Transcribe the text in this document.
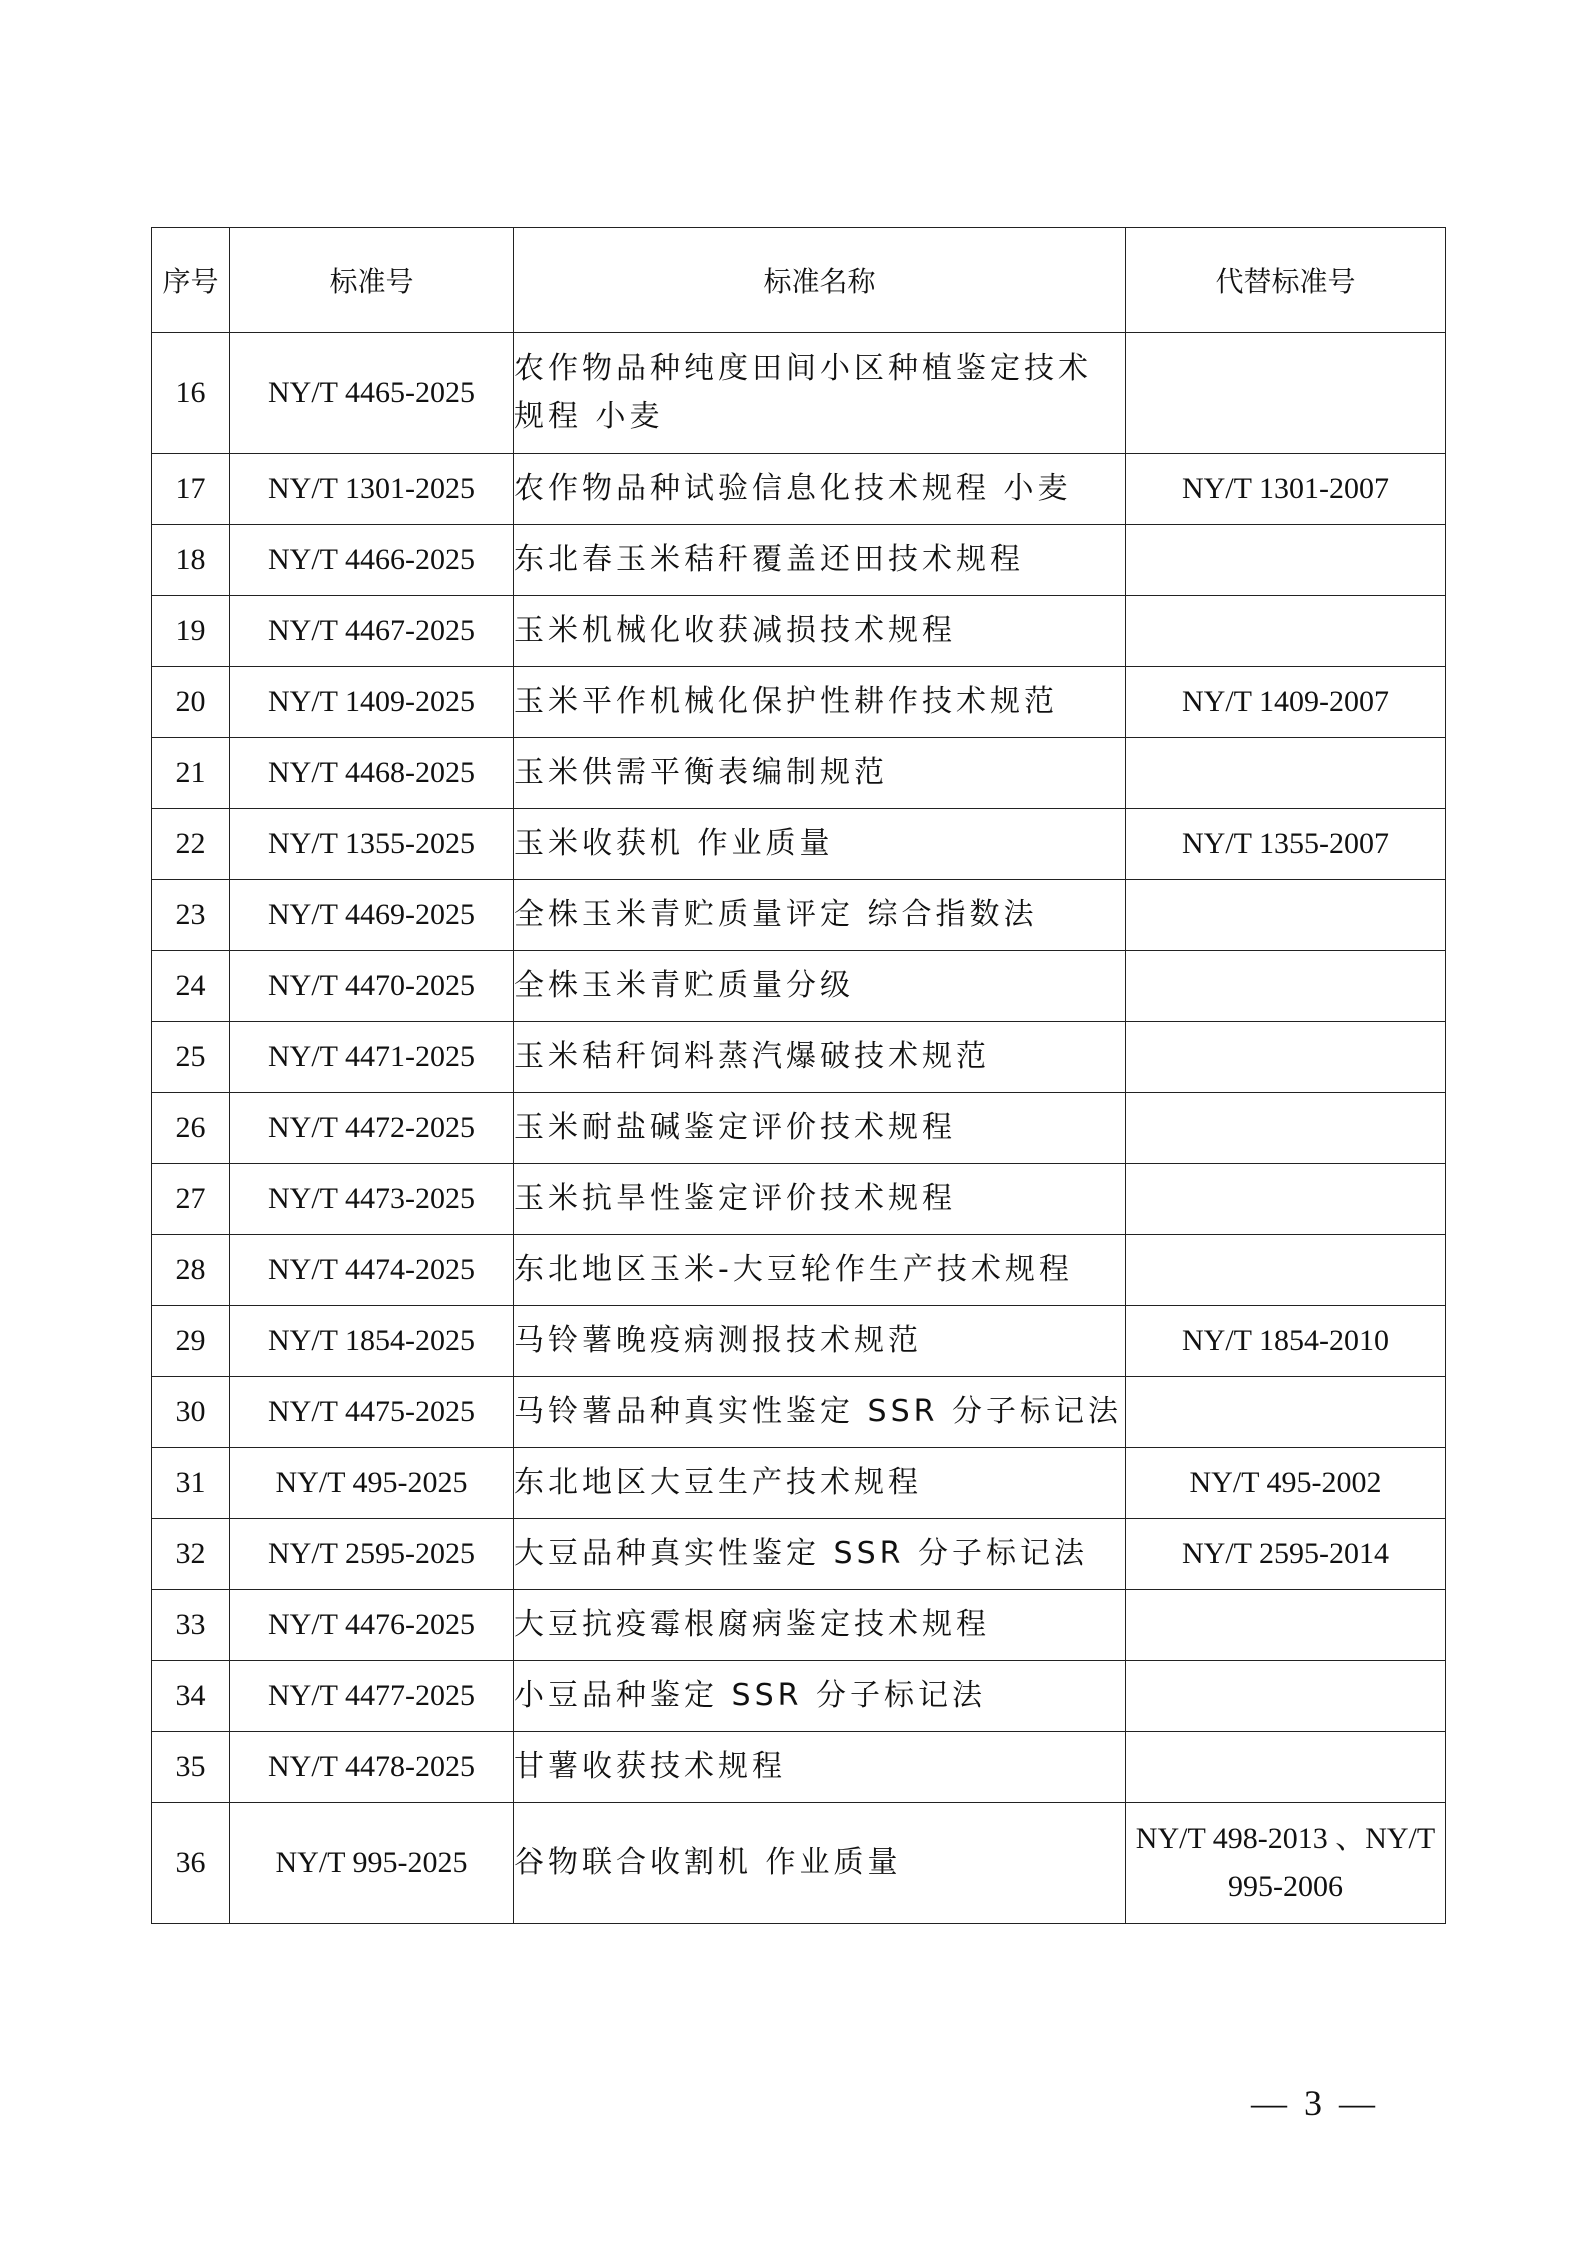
序号	标准号	标准名称	代替标准号
16	NY/T 4465-2025	农作物品种纯度田间小区种植鉴定技术规程 小麦	
17	NY/T 1301-2025	农作物品种试验信息化技术规程 小麦	NY/T 1301-2007
18	NY/T 4466-2025	东北春玉米秸秆覆盖还田技术规程	
19	NY/T 4467-2025	玉米机械化收获减损技术规程	
20	NY/T 1409-2025	玉米平作机械化保护性耕作技术规范	NY/T 1409-2007
21	NY/T 4468-2025	玉米供需平衡表编制规范	
22	NY/T 1355-2025	玉米收获机 作业质量	NY/T 1355-2007
23	NY/T 4469-2025	全株玉米青贮质量评定 综合指数法	
24	NY/T 4470-2025	全株玉米青贮质量分级	
25	NY/T 4471-2025	玉米秸秆饲料蒸汽爆破技术规范	
26	NY/T 4472-2025	玉米耐盐碱鉴定评价技术规程	
27	NY/T 4473-2025	玉米抗旱性鉴定评价技术规程	
28	NY/T 4474-2025	东北地区玉米-大豆轮作生产技术规程	
29	NY/T 1854-2025	马铃薯晚疫病测报技术规范	NY/T 1854-2010
30	NY/T 4475-2025	马铃薯品种真实性鉴定 SSR 分子标记法	
31	NY/T 495-2025	东北地区大豆生产技术规程	NY/T 495-2002
32	NY/T 2595-2025	大豆品种真实性鉴定 SSR 分子标记法	NY/T 2595-2014
33	NY/T 4476-2025	大豆抗疫霉根腐病鉴定技术规程	
34	NY/T 4477-2025	小豆品种鉴定 SSR 分子标记法	
35	NY/T 4478-2025	甘薯收获技术规程	
36	NY/T 995-2025	谷物联合收割机 作业质量	NY/T 498-2013 、NY/T 995-2006
— 3 —
